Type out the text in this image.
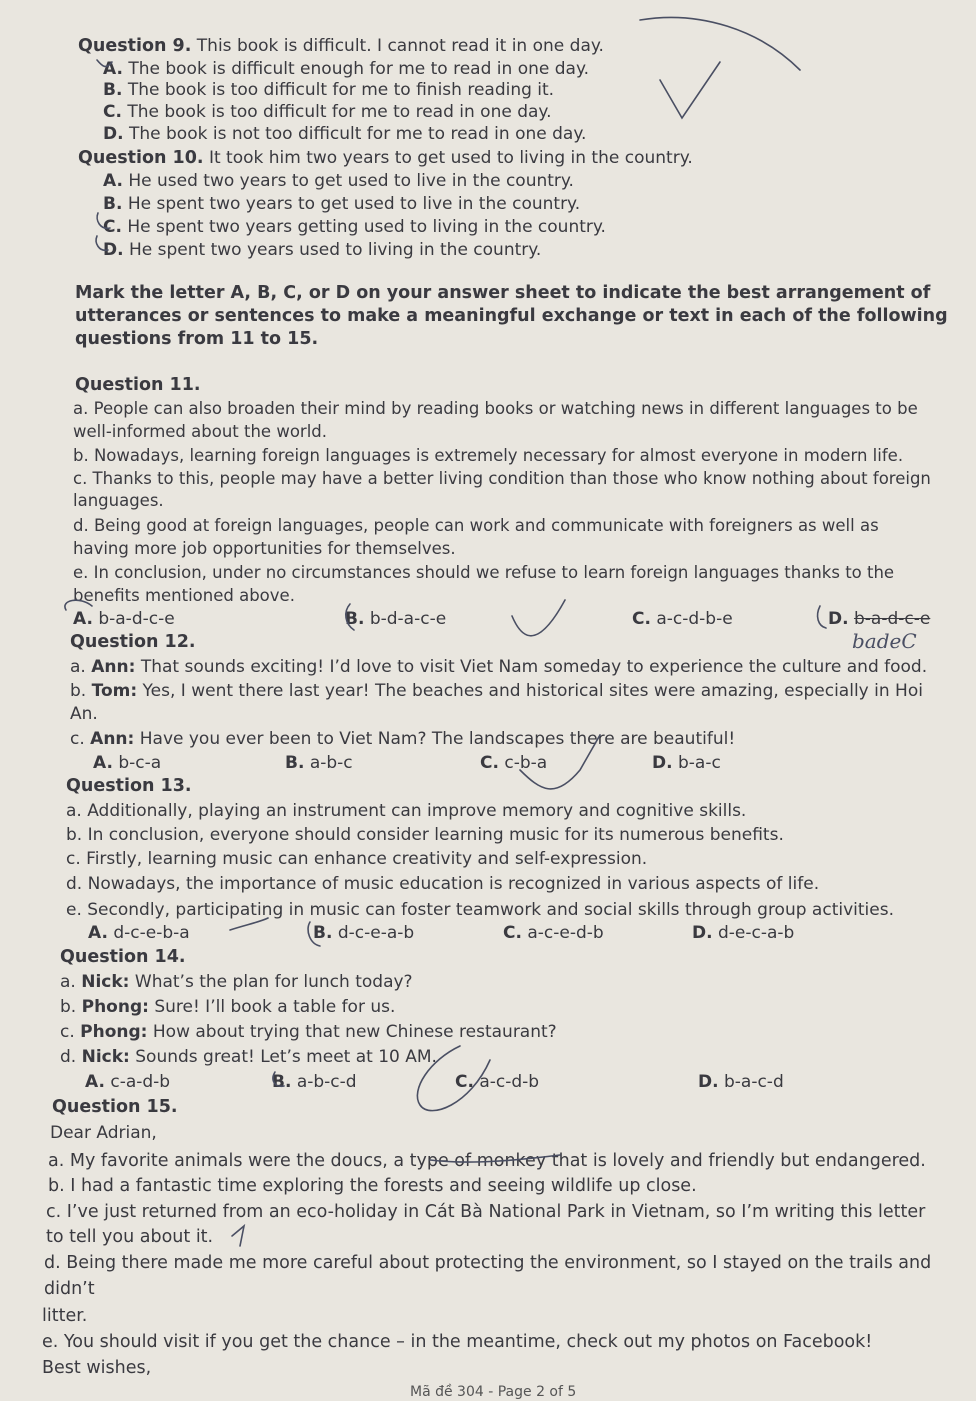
Question 9. This book is difficult. I cannot read it in one day.
A. The book is difficult enough for me to read in one day.
B. The book is too difficult for me to finish reading it.
C. The book is too difficult for me to read in one day.
D. The book is not too difficult for me to read in one day.
Question 10. It took him two years to get used to living in the country.
A. He used two years to get used to live in the country.
B. He spent two years to get used to live in the country.
C. He spent two years getting used to living in the country.
D. He spent two years used to living in the country.
Mark the letter A, B, C, or D on your answer sheet to indicate the best arrangement of
utterances or sentences to make a meaningful exchange or text in each of the following
questions from 11 to 15.
Question 11.
a. People can also broaden their mind by reading books or watching news in different languages to be
well-informed about the world.
b. Nowadays, learning foreign languages is extremely necessary for almost everyone in modern life.
c. Thanks to this, people may have a better living condition than those who know nothing about foreign
languages.
d. Being good at foreign languages, people can work and communicate with foreigners as well as
having more job opportunities for themselves.
e. In conclusion, under no circumstances should we refuse to learn foreign languages thanks to the
benefits mentioned above.
A. b-a-d-c-e	B. b-d-a-c-e	C. a-c-d-b-e	D. b-a-d-c-e
badeC
Question 12.
a. Ann: That sounds exciting! I’d love to visit Viet Nam someday to experience the culture and food.
b. Tom: Yes, I went there last year! The beaches and historical sites were amazing, especially in Hoi
An.
c. Ann: Have you ever been to Viet Nam? The landscapes there are beautiful!
A. b-c-a	B. a-b-c	C. c-b-a	D. b-a-c
Question 13.
a. Additionally, playing an instrument can improve memory and cognitive skills.
b. In conclusion, everyone should consider learning music for its numerous benefits.
c. Firstly, learning music can enhance creativity and self-expression.
d. Nowadays, the importance of music education is recognized in various aspects of life.
e. Secondly, participating in music can foster teamwork and social skills through group activities.
A. d-c-e-b-a	B. d-c-e-a-b	C. a-c-e-d-b	D. d-e-c-a-b
Question 14.
a. Nick: What’s the plan for lunch today?
b. Phong: Sure! I’ll book a table for us.
c. Phong: How about trying that new Chinese restaurant?
d. Nick: Sounds great! Let’s meet at 10 AM.
A. c-a-d-b	B. a-b-c-d	C. a-c-d-b	D. b-a-c-d
Question 15.
Dear Adrian,
a. My favorite animals were the doucs, a type of monkey that is lovely and friendly but endangered.
b. I had a fantastic time exploring the forests and seeing wildlife up close.
c. I’ve just returned from an eco-holiday in Cát Bà National Park in Vietnam, so I’m writing this letter
to tell you about it.
d. Being there made me more careful about protecting the environment, so I stayed on the trails and
didn’t
litter.
e. You should visit if you get the chance – in the meantime, check out my photos on Facebook!
Best wishes,
Mã đề 304 - Page 2 of 5
